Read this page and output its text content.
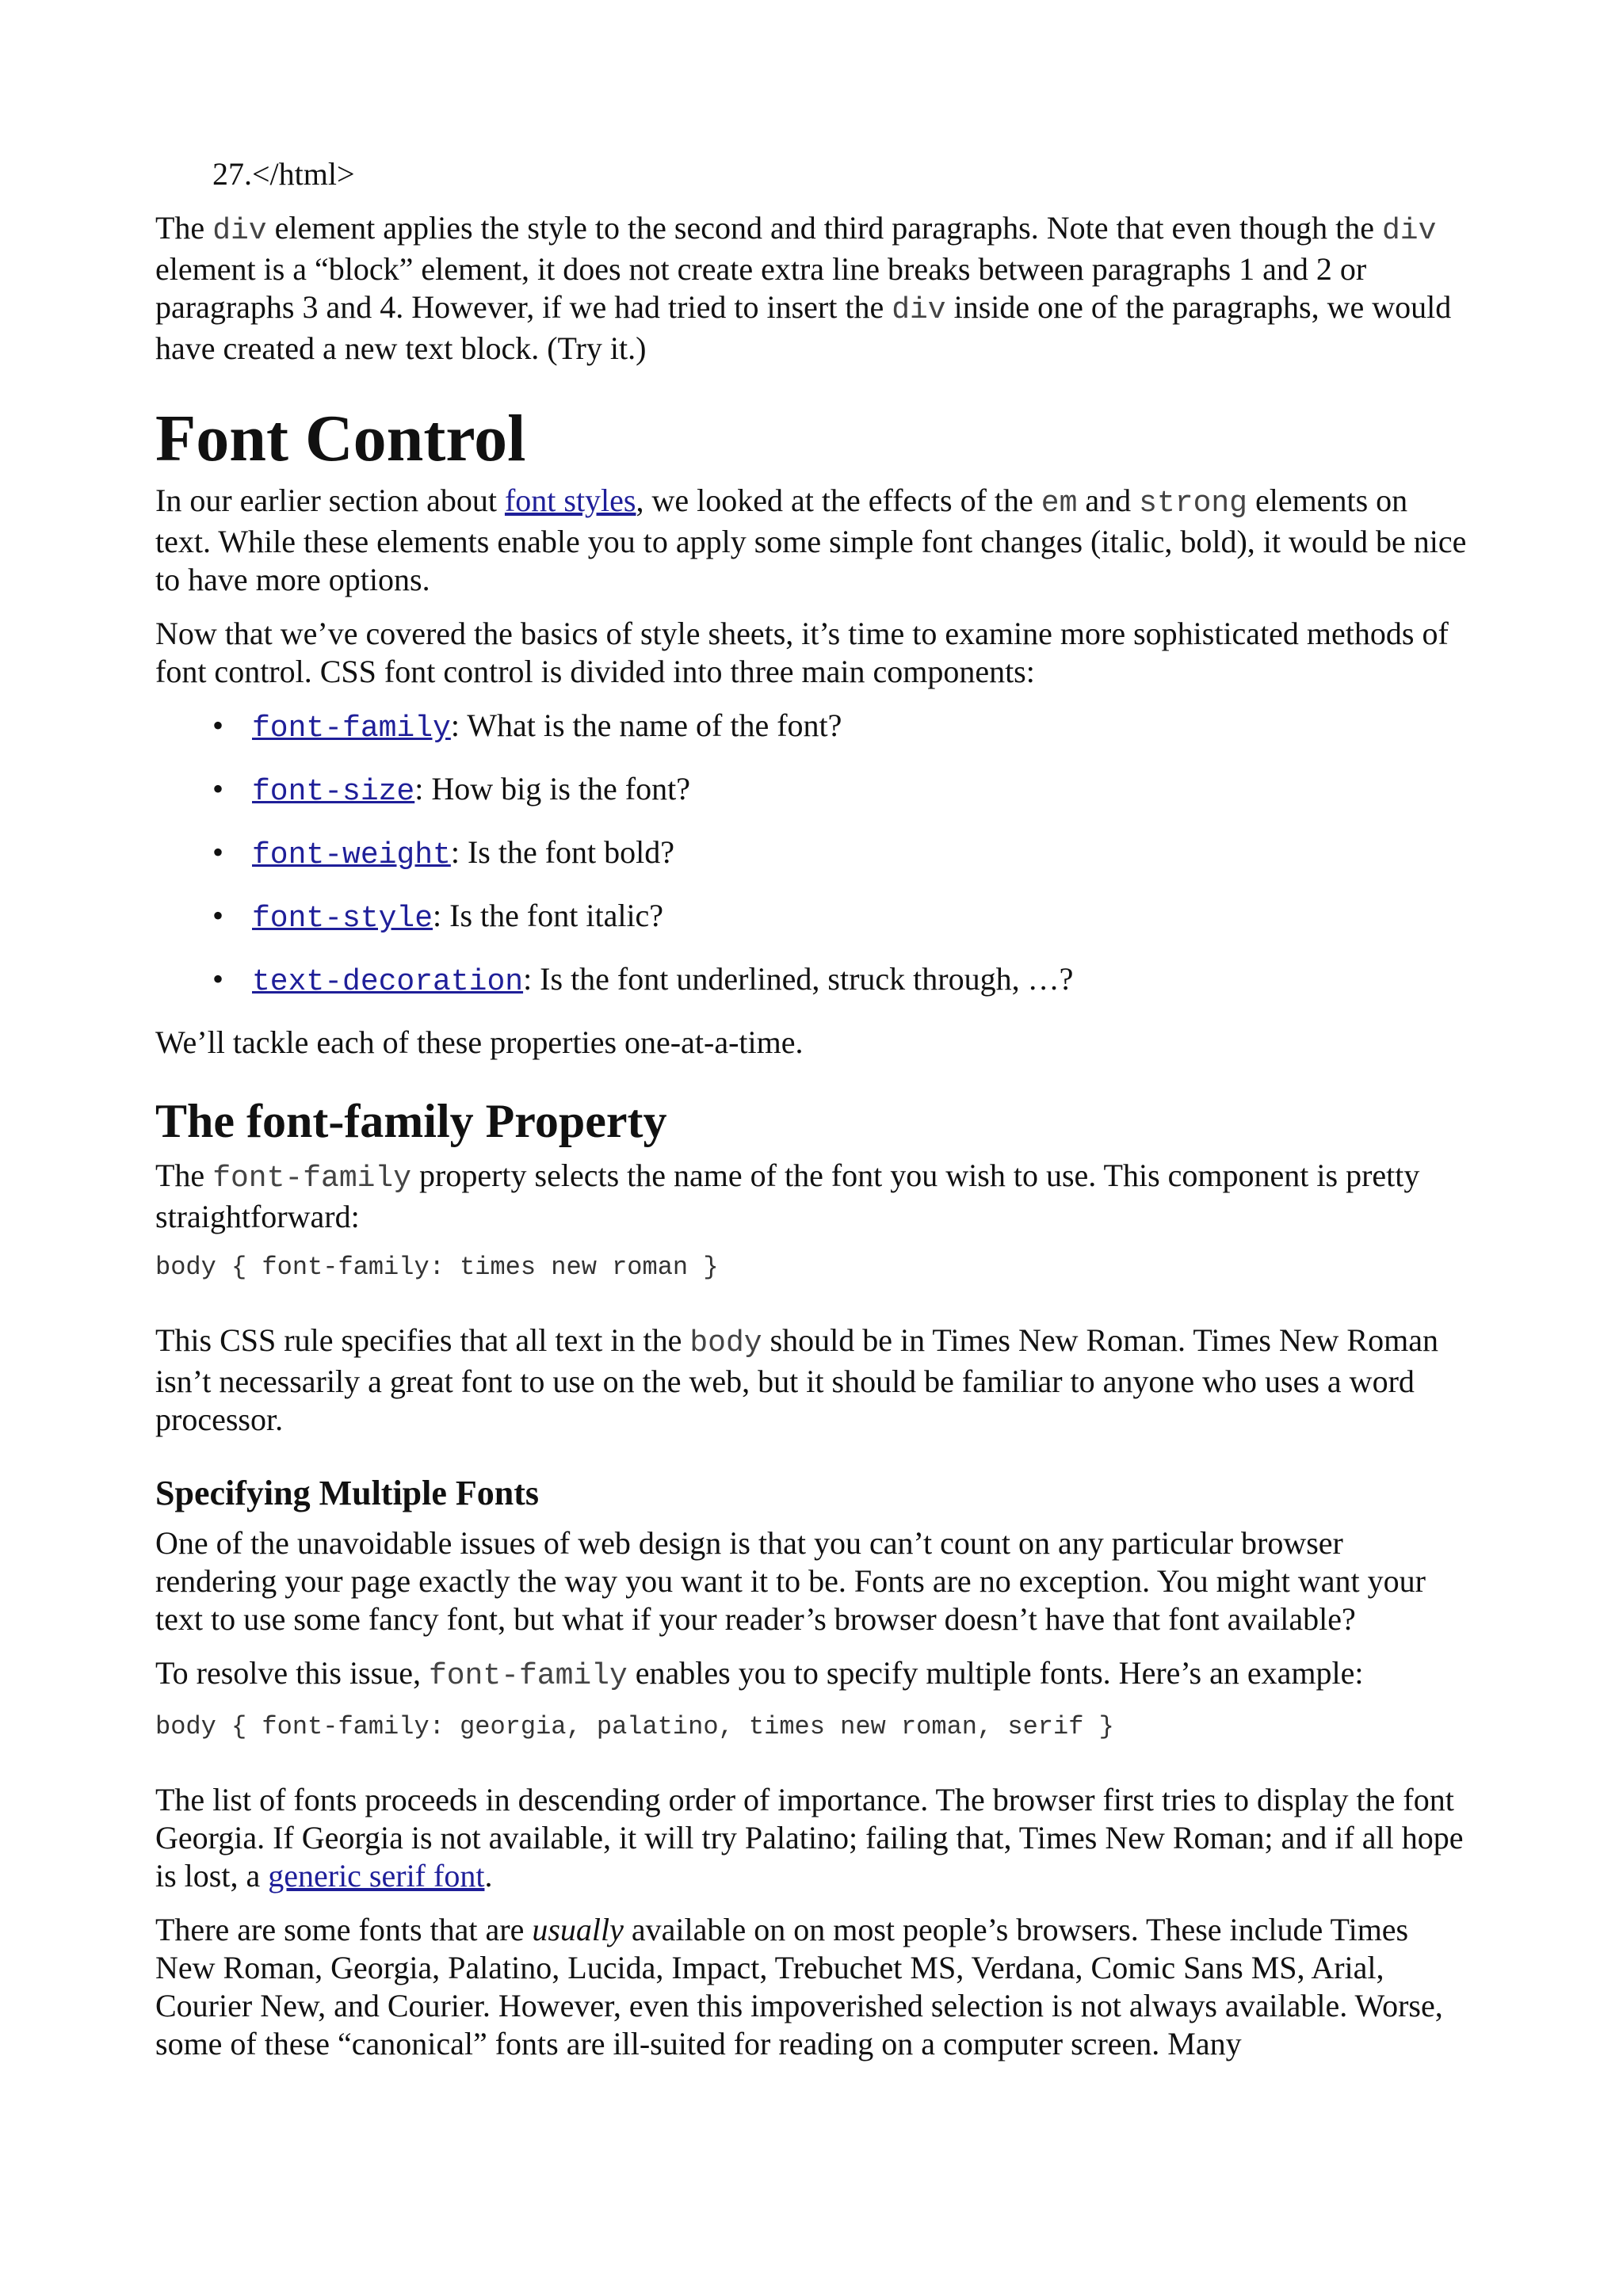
27.</html>

The div element applies the style to the second and third paragraphs. Note that even though the div element is a “block” element, it does not create extra line breaks between paragraphs 1 and 2 or paragraphs 3 and 4. However, if we had tried to insert the div inside one of the paragraphs, we would have created a new text block. (Try it.)

Font Control

In our earlier section about font styles, we looked at the effects of the em and strong elements on text. While these elements enable you to apply some simple font changes (italic, bold), it would be nice to have more options.

Now that we’ve covered the basics of style sheets, it’s time to examine more sophisticated methods of font control. CSS font control is divided into three main components:

• font-family: What is the name of the font?
• font-size: How big is the font?
• font-weight: Is the font bold?
• font-style: Is the font italic?
• text-decoration: Is the font underlined, struck through, …?

We’ll tackle each of these properties one-at-a-time.

The font-family Property

The font-family property selects the name of the font you wish to use. This component is pretty straightforward:

body { font-family: times new roman }

This CSS rule specifies that all text in the body should be in Times New Roman. Times New Roman isn’t necessarily a great font to use on the web, but it should be familiar to anyone who uses a word processor.

Specifying Multiple Fonts

One of the unavoidable issues of web design is that you can’t count on any particular browser rendering your page exactly the way you want it to be. Fonts are no exception. You might want your text to use some fancy font, but what if your reader’s browser doesn’t have that font available?

To resolve this issue, font-family enables you to specify multiple fonts. Here’s an example:

body { font-family: georgia, palatino, times new roman, serif }

The list of fonts proceeds in descending order of importance. The browser first tries to display the font Georgia. If Georgia is not available, it will try Palatino; failing that, Times New Roman; and if all hope is lost, a generic serif font.

There are some fonts that are usually available on on most people’s browsers. These include Times New Roman, Georgia, Palatino, Lucida, Impact, Trebuchet MS, Verdana, Comic Sans MS, Arial, Courier New, and Courier. However, even this impoverished selection is not always available. Worse, some of these “canonical” fonts are ill-suited for reading on a computer screen. Many
